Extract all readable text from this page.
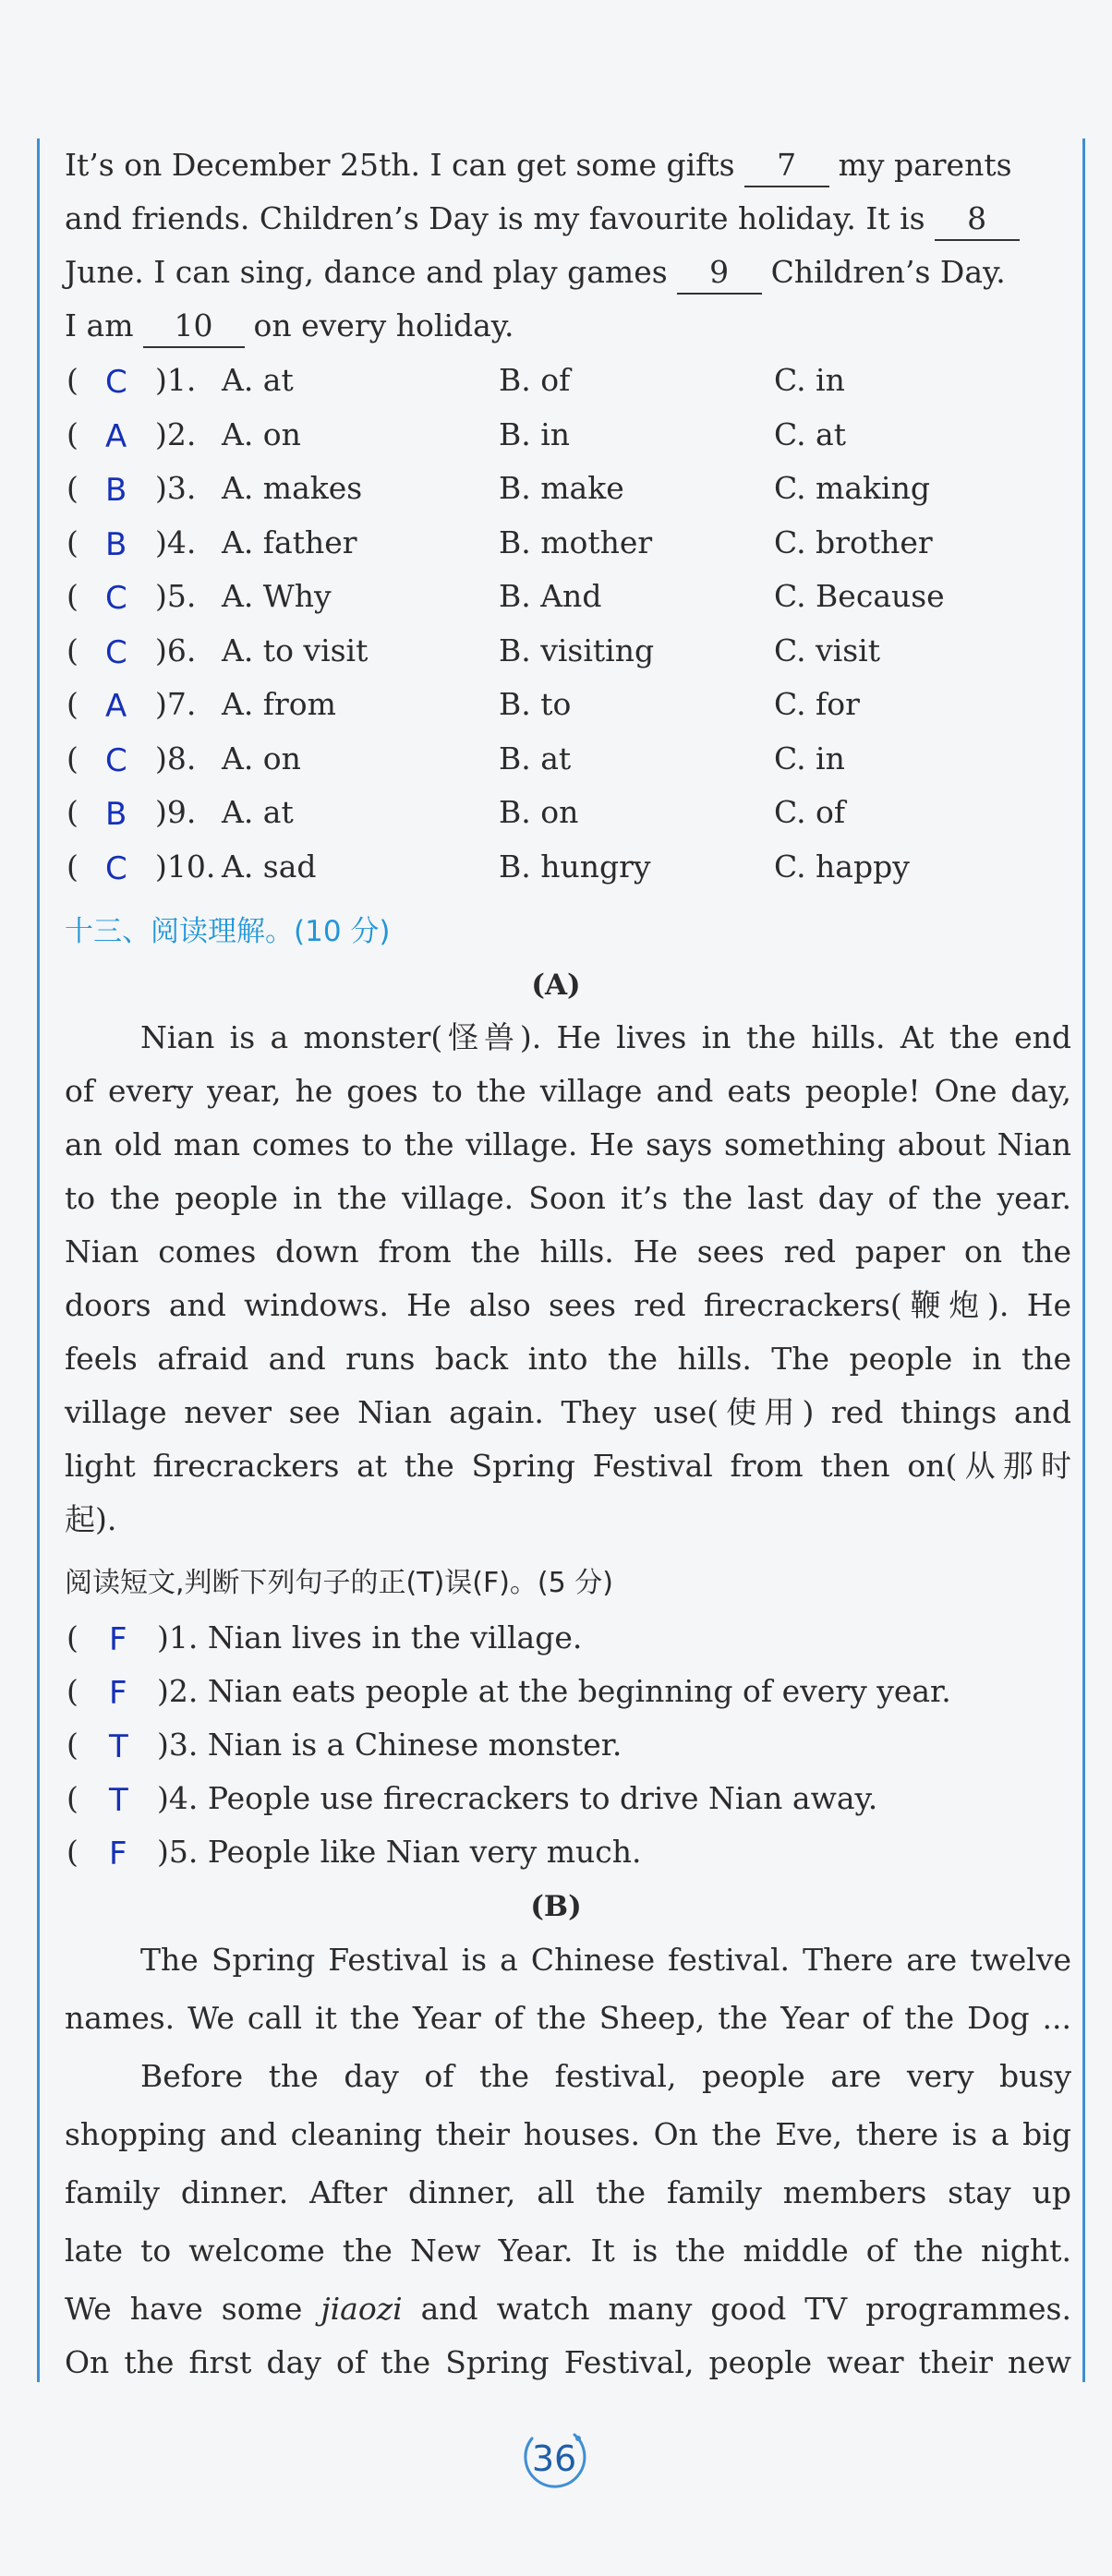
It’s on December 25th. I can get some gifts 7 my parents
and friends. Children’s Day is my favourite holiday. It is 8
June. I can sing, dance and play games 9 Children’s Day.
I am 10 on every holiday.
( C )1. A. at	B. of	C. in
( A )2. A. on	B. in	C. at
( B )3. A. makes	B. make	C. making
( B )4. A. father	B. mother	C. brother
( C )5. A. Why	B. And	C. Because
( C )6. A. to visit	B. visiting	C. visit
( A )7. A. from	B. to	C. for
( C )8. A. on	B. at	C. in
( B )9. A. at	B. on	C. of
( C )10. A. sad	B. hungry	C. happy
十三、阅读理解。(10 分)
(A)
Nian is a monster(怪兽). He lives in the hills. At the end
of every year, he goes to the village and eats people! One day,
an old man comes to the village. He says something about Nian
to the people in the village. Soon it’s the last day of the year.
Nian comes down from the hills. He sees red paper on the
doors and windows. He also sees red firecrackers(鞭炮). He
feels afraid and runs back into the hills. The people in the
village never see Nian again. They use(使用) red things and
light firecrackers at the Spring Festival from then on(从那时
起).
阅读短文,判断下列句子的正(T)误(F)。(5 分)
( F )1. Nian lives in the village.
( F )2. Nian eats people at the beginning of every year.
( T )3. Nian is a Chinese monster.
( T )4. People use firecrackers to drive Nian away.
( F )5. People like Nian very much.
(B)
The Spring Festival is a Chinese festival. There are twelve
names. We call it the Year of the Sheep, the Year of the Dog ...
Before the day of the festival, people are very busy
shopping and cleaning their houses. On the Eve, there is a big
family dinner. After dinner, all the family members stay up
late to welcome the New Year. It is the middle of the night.
We have some jiaozi and watch many good TV programmes.
On the first day of the Spring Festival, people wear their new
36
